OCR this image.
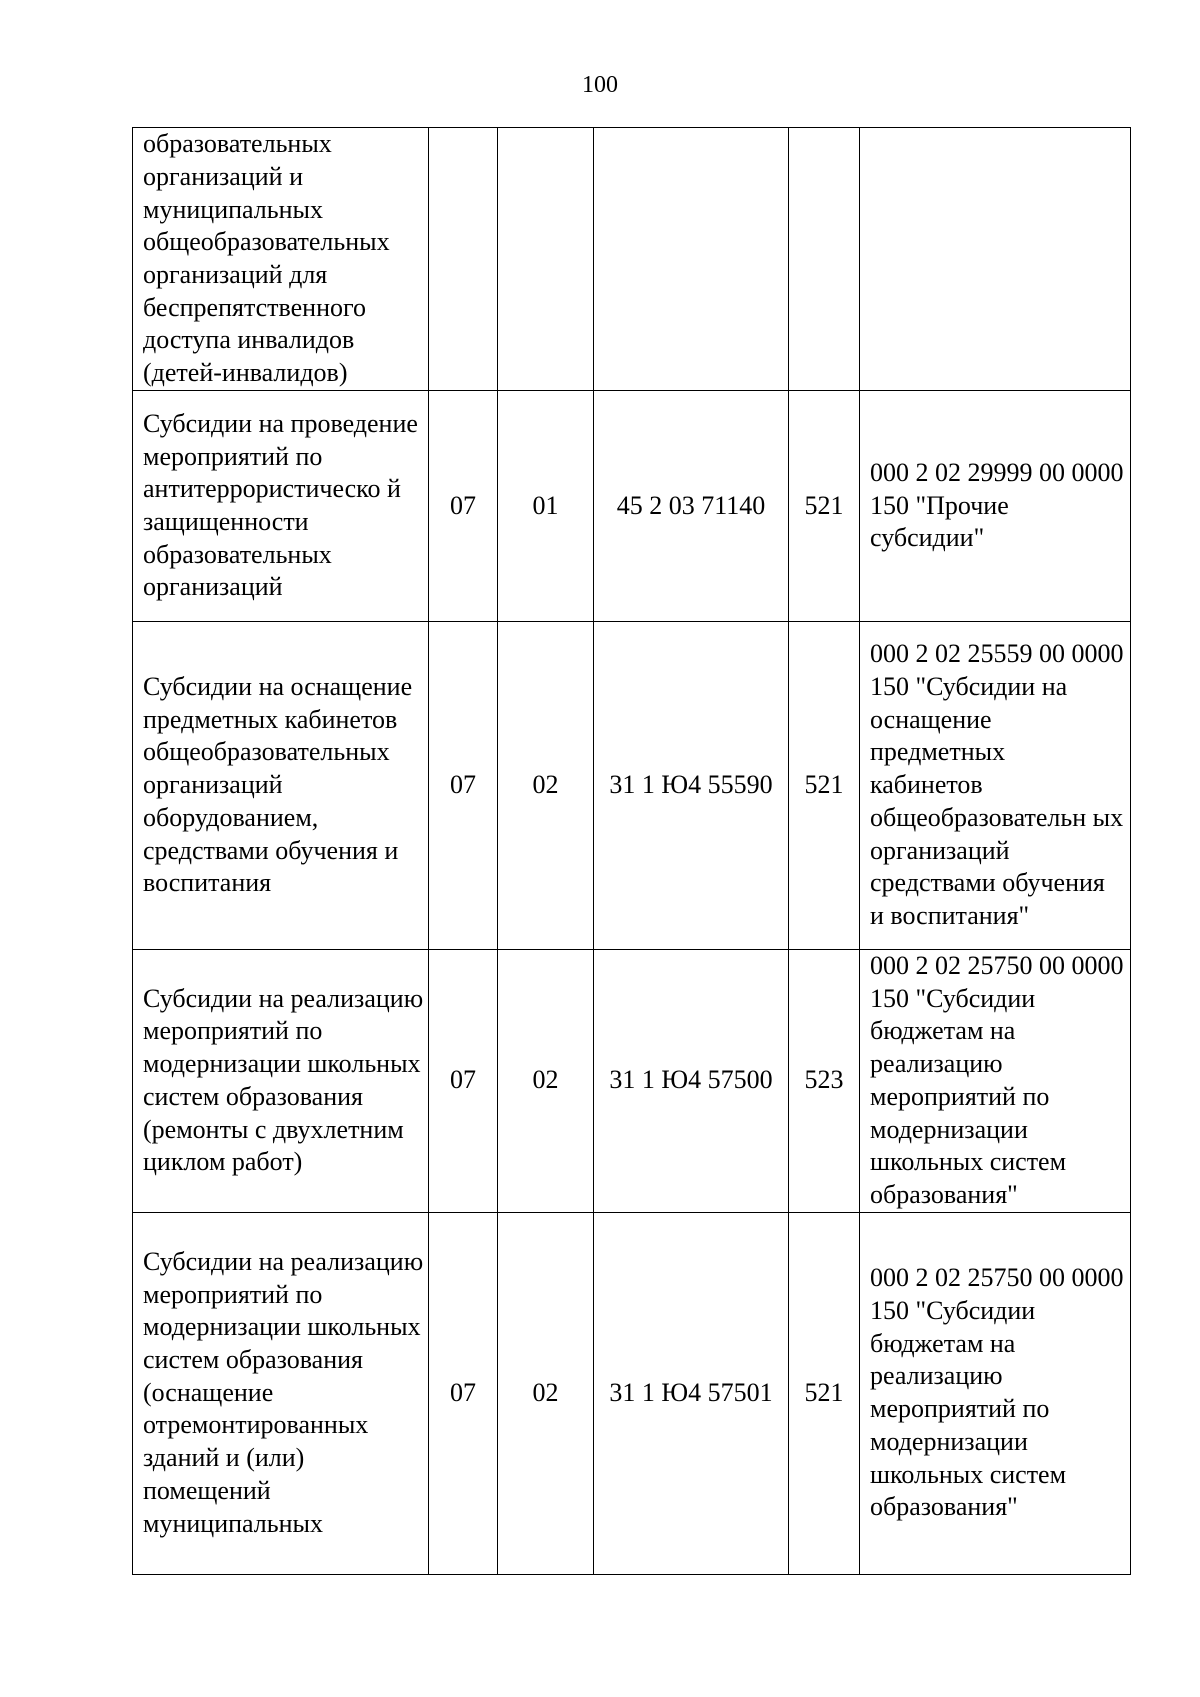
100
образовательных организаций и муниципальных общеобразовательных организаций для беспрепятственного доступа инвалидов (детей-инвалидов)					
Субсидии на проведение мероприятий по антитеррористическо й защищенности образовательных организаций	07	01	45 2 03 71140	521	000 2 02 29999 00 0000 150 "Прочие субсидии"
Субсидии на оснащение предметных кабинетов общеобразовательных организаций оборудованием, средствами обучения и воспитания	07	02	31 1 Ю4 55590	521	000 2 02 25559 00 0000 150 "Субсидии на оснащение предметных кабинетов общеобразовательн ых организаций средствами обучения и воспитания"
Субсидии на реализацию мероприятий по модернизации школьных систем образования (ремонты с двухлетним циклом работ)	07	02	31 1 Ю4 57500	523	000 2 02 25750 00 0000 150 "Субсидии бюджетам на реализацию мероприятий по модернизации школьных систем образования"
Субсидии на реализацию мероприятий по модернизации школьных систем образования (оснащение отремонтированных зданий и (или) помещений муниципальных	07	02	31 1 Ю4 57501	521	000 2 02 25750 00 0000 150 "Субсидии бюджетам на реализацию мероприятий по модернизации школьных систем образования"
